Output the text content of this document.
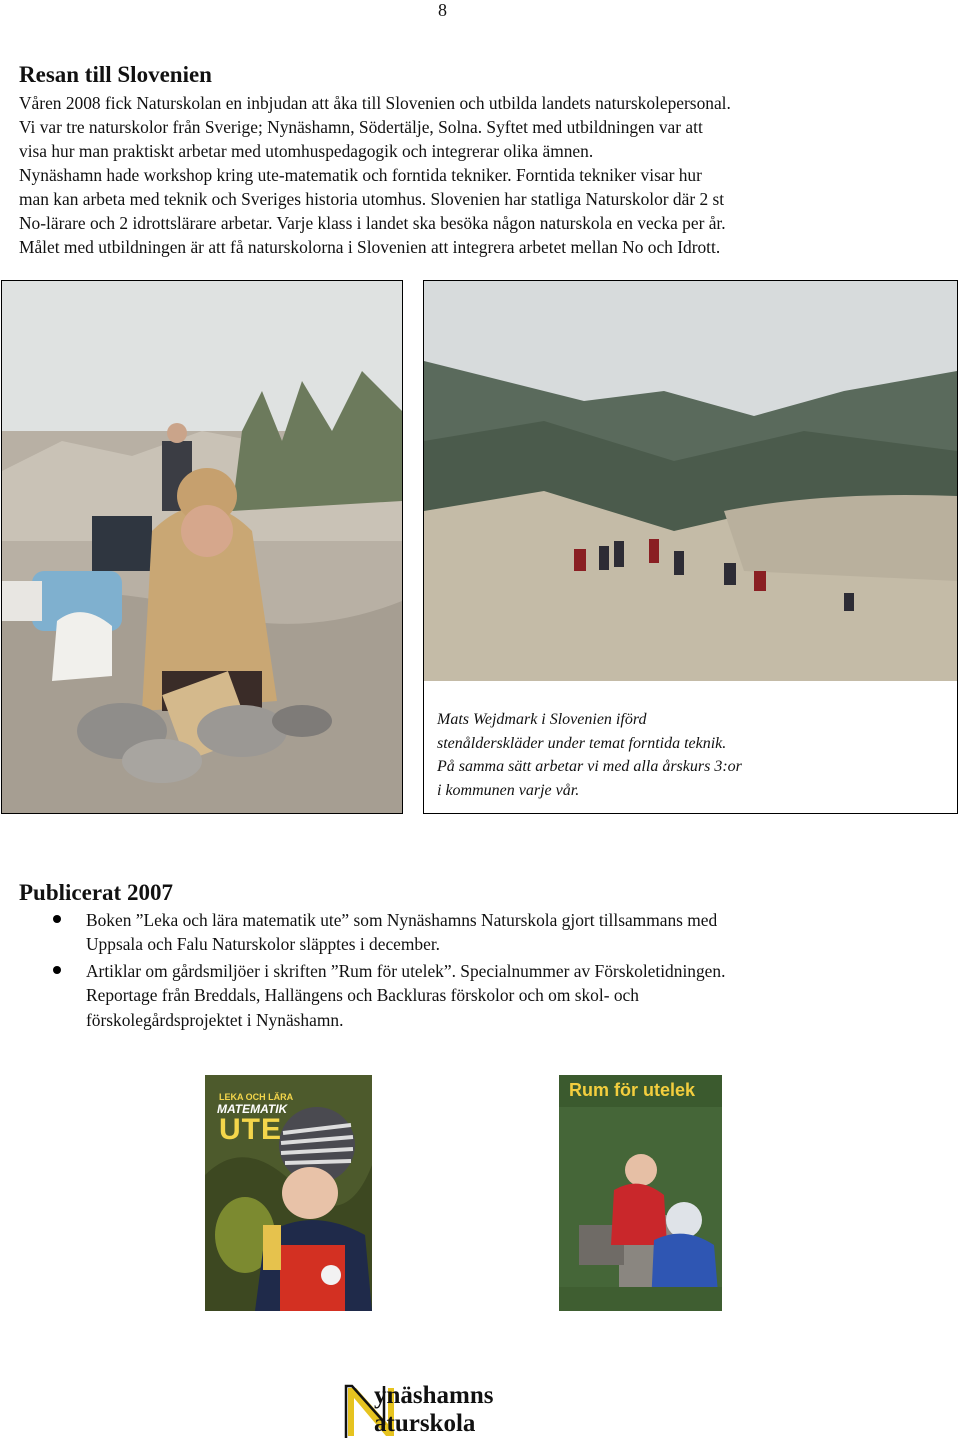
8
Resan till Slovenien

Våren 2008 fick Naturskolan en inbjudan att åka till Slovenien och utbilda landets naturskolepersonal.

Vi var tre naturskolor från Sverige; Nynäshamn, Södertälje, Solna. Syftet med utbildningen var att

visa hur man praktiskt arbetar med utomhuspedagogik och integrerar olika ämnen.

Nynäshamn hade workshop kring ute-matematik och forntida tekniker. Forntida tekniker visar hur

man kan arbeta med teknik och Sveriges historia utomhus. Slovenien har statliga Naturskolor där 2 st

No-lärare och 2 idrottslärare arbetar. Varje klass i landet ska besöka någon naturskola en vecka per år.

Målet med utbildningen är att få naturskolorna i Slovenien att integrera arbetet mellan No och Idrott.

Mats Wejdmark i Slovenien iförd
stenålderskläder under temat forntida teknik.
På samma sätt arbetar vi med alla årskurs 3:or
i kommunen varje vår.
Publicerat 2007
Boken ”Leka och lära matematik ute” som Nynäshamns Naturskola gjort tillsammans med
Uppsala och Falu Naturskolor släpptes i december.
Artiklar om gårdsmiljöer i skriften ”Rum för utelek”. Specialnummer av Förskoletidningen.
Reportage från Breddals, Hallängens och Backluras förskolor och om skol- och
förskolegårdsprojektet i Nynäshamn.
LEKA OCH LÄRA
MATEMATIK
UTE
Rum för utelek
ynäshamns
aturskola
